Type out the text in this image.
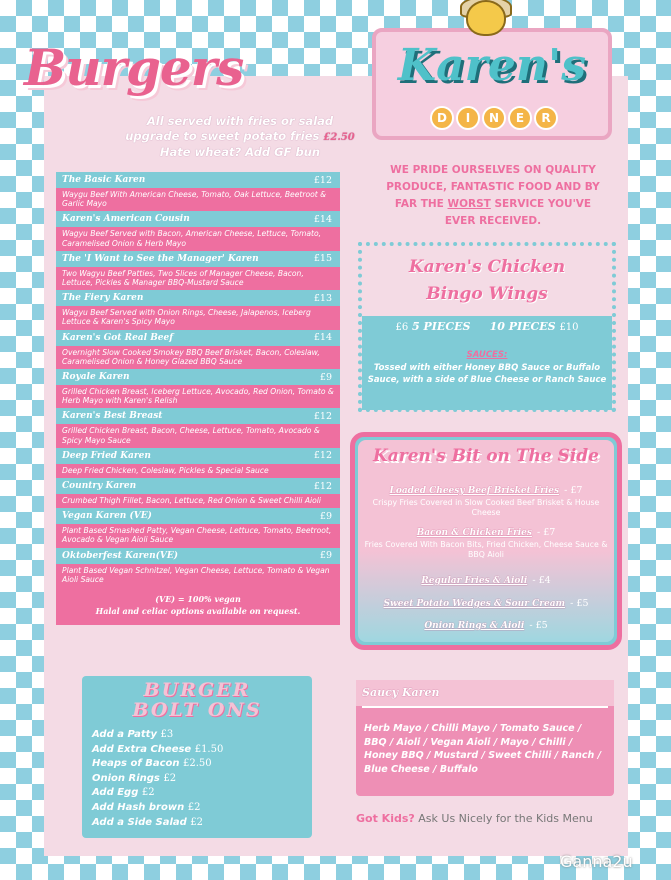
Burgers
All served with fries or salad
upgrade to sweet potato fries £2.50
Hate wheat? Add GF bun
Karen's
D	I	N	E	R
The Basic Karen	£12
Waygu Beef With American Cheese, Tomato, Oak Lettuce, Beetroot & Garlic Mayo
Karen's American Cousin	£14
Wagyu Beef Served with Bacon, American Cheese, Lettuce, Tomato, Caramelised Onion & Herb Mayo
The 'I Want to See the Manager' Karen	£15
Two Wagyu Beef Patties, Two Slices of Manager Cheese, Bacon, Lettuce, Pickles & Manager BBQ-Mustard Sauce
The Fiery Karen	£13
Wagyu Beef Served with Onion Rings, Cheese, Jalapenos, Iceberg Lettuce & Karen's Spicy Mayo
Karen's Got Real Beef	£14
Overnight Slow Cooked Smokey BBQ Beef Brisket, Bacon, Coleslaw, Caramelised Onion & Honey Glazed BBQ Sauce
Royale Karen	£9
Grilled Chicken Breast, Iceberg Lettuce, Avocado, Red Onion, Tomato & Herb Mayo with Karen's Relish
Karen's Best Breast	£12
Grilled Chicken Breast, Bacon, Cheese, Lettuce, Tomato, Avocado & Spicy Mayo Sauce
Deep Fried Karen	£12
Deep Fried Chicken, Coleslaw, Pickles & Special Sauce
Country Karen	£12
Crumbed Thigh Fillet, Bacon, Lettuce, Red Onion & Sweet Chilli Aioli
Vegan Karen (VE)	£9
Plant Based Smashed Patty, Vegan Cheese, Lettuce, Tomato, Beetroot, Avocado & Vegan Aioli Sauce
Oktoberfest Karen(VE)	£9
Plant Based Vegan Schnitzel, Vegan Cheese, Lettuce, Tomato & Vegan Aioli Sauce
(VE) = 100% vegan
Halal and celiac options available on request.
WE PRIDE OURSELVES ON QUALITY PRODUCE, FANTASTIC FOOD AND BY FAR THE WORST SERVICE YOU'VE EVER RECEIVED.
Karen's Chicken
Bingo Wings
£6 5 PIECES 10 PIECES £10
SAUCES:
Tossed with either Honey BBQ Sauce or Buffalo Sauce, with a side of Blue Cheese or Ranch Sauce
Karen's Bit on The Side
Loaded Cheesy Beef Brisket Fries - £7
Crispy Fries Covered in Slow Cooked Beef Brisket & House Cheese
Bacon & Chicken Fries - £7
Fries Covered With Bacon Bits, Fried Chicken, Cheese Sauce & BBQ Aioli
Regular Fries & Aioli - £4
Sweet Potato Wedges & Sour Cream - £5
Onion Rings & Aioli - £5
BURGER
BOLT ONS
Add a Patty £3
Add Extra Cheese £1.50
Heaps of Bacon £2.50
Onion Rings £2
Add Egg £2
Add Hash brown £2
Add a Side Salad £2
Saucy Karen
Herb Mayo / Chilli Mayo / Tomato Sauce / BBQ / Aioli / Vegan Aioli / Mayo / Chilli / Honey BBQ / Mustard / Sweet Chilli / Ranch / Blue Cheese / Buffalo
Got Kids? Ask Us Nicely for the Kids Menu
Ganna2u
